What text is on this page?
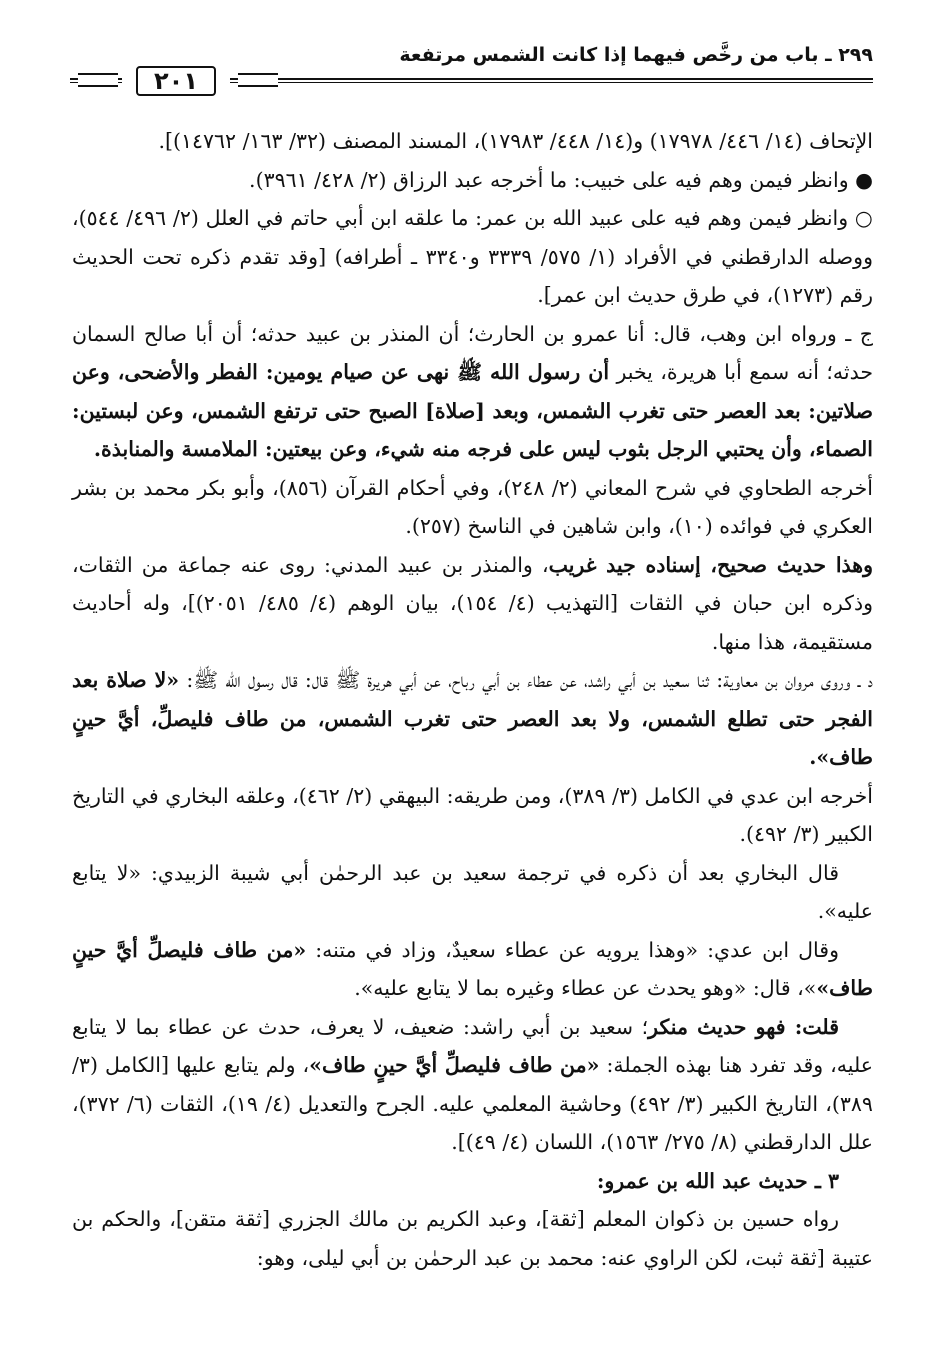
٢٩٩ ـ باب من رخَّص فيهما إذا كانت الشمس مرتفعة
٢٠١

الإتحاف (١٤/ ٤٤٦/ ١٧٩٧٨) و(١٤/ ٤٤٨/ ١٧٩٨٣)، المسند المصنف (٣٢/ ١٦٣/ ١٤٧٦٢)].

● وانظر فيمن وهم فيه على خبيب: ما أخرجه عبد الرزاق (٢/ ٤٢٨/ ٣٩٦١).

○ وانظر فيمن وهم فيه على عبيد الله بن عمر: ما علقه ابن أبي حاتم في العلل (٢/ ٤٩٦/ ٥٤٤)، ووصله الدارقطني في الأفراد (١/ ٥٧٥/ ٣٣٣٩ و٣٣٤٠ ـ أطرافه) [وقد تقدم ذكره تحت الحديث رقم (١٢٧٣)، في طرق حديث ابن عمر].

ج ـ ورواه ابن وهب، قال: أنا عمرو بن الحارث؛ أن المنذر بن عبيد حدثه؛ أن أبا صالح السمان حدثه؛ أنه سمع أبا هريرة، يخبر أن رسول الله ﷺ نهى عن صيام يومين: الفطر والأضحى، وعن صلاتين: بعد العصر حتى تغرب الشمس، وبعد [صلاة] الصبح حتى ترتفع الشمس، وعن لبستين: الصماء، وأن يحتبي الرجل بثوب ليس على فرجه منه شيء، وعن بيعتين: الملامسة والمنابذة.

أخرجه الطحاوي في شرح المعاني (٢/ ٢٤٨)، وفي أحكام القرآن (٨٥٦)، وأبو بكر محمد بن بشر العكري في فوائده (١٠)، وابن شاهين في الناسخ (٢٥٧).

وهذا حديث صحيح، إسناده جيد غريب، والمنذر بن عبيد المدني: روى عنه جماعة من الثقات، وذكره ابن حبان في الثقات [التهذيب (٤/ ١٥٤)، بيان الوهم (٤/ ٤٨٥/ ٢٠٥١)]، وله أحاديث مستقيمة، هذا منها.

د ـ وروى مروان بن معاوية: ثنا سعيد بن أبي راشد، عن عطاء بن أبي رباح، عن أبي هريرة ﷺ قال: قال رسول الله ﷺ: «لا صلاة بعد الفجر حتى تطلع الشمس، ولا بعد العصر حتى تغرب الشمس، من طاف فليصلِّ، أيَّ حينٍ طاف».

أخرجه ابن عدي في الكامل (٣/ ٣٨٩)، ومن طريقه: البيهقي (٢/ ٤٦٢)، وعلقه البخاري في التاريخ الكبير (٣/ ٤٩٢).

قال البخاري بعد أن ذكره في ترجمة سعيد بن عبد الرحمٰن أبي شيبة الزبيدي: «لا يتابع عليه».

وقال ابن عدي: «وهذا يرويه عن عطاء سعيدٌ، وزاد في متنه: «من طاف فليصلِّ أيَّ حينٍ طاف»»، قال: «وهو يحدث عن عطاء وغيره بما لا يتابع عليه».

قلت: فهو حديث منكر؛ سعيد بن أبي راشد: ضعيف، لا يعرف، حدث عن عطاء بما لا يتابع عليه، وقد تفرد هنا بهذه الجملة: «من طاف فليصلِّ أيَّ حينٍ طاف»، ولم يتابع عليها [الكامل (٣/ ٣٨٩)، التاريخ الكبير (٣/ ٤٩٢) وحاشية المعلمي عليه. الجرح والتعديل (٤/ ١٩)، الثقات (٦/ ٣٧٢)، علل الدارقطني (٨/ ٢٧٥/ ١٥٦٣)، اللسان (٤/ ٤٩)].

٣ ـ حديث عبد الله بن عمرو:

رواه حسين بن ذكوان المعلم [ثقة]، وعبد الكريم بن مالك الجزري [ثقة متقن]، والحكم بن عتيبة [ثقة ثبت، لكن الراوي عنه: محمد بن عبد الرحمٰن بن أبي ليلى، وهو:
